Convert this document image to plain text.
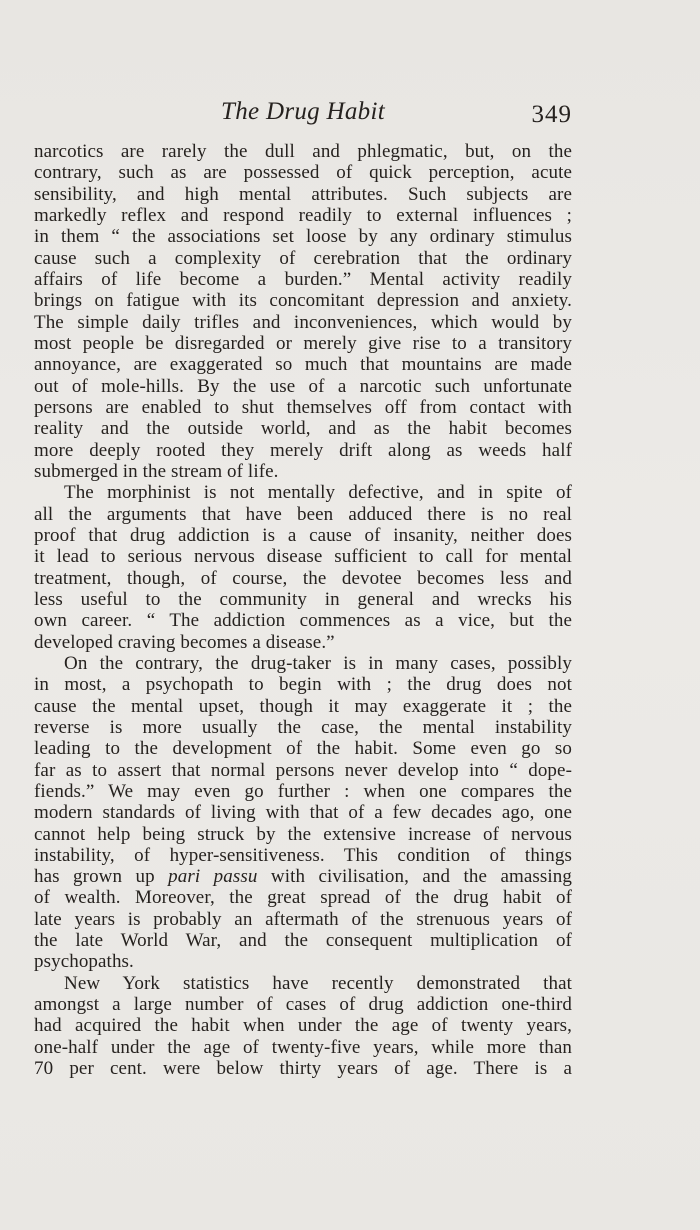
The Drug Habit	349
narcotics are rarely the dull and phlegmatic, but, on the
contrary, such as are possessed of quick perception, acute
sensibility, and high mental attributes. Such subjects are
markedly reflex and respond readily to external influences ;
in them “ the associations set loose by any ordinary stimulus
cause such a complexity of cerebration that the ordinary
affairs of life become a burden.” Mental activity readily
brings on fatigue with its concomitant depression and anxiety.
The simple daily trifles and inconveniences, which would by
most people be disregarded or merely give rise to a transitory
annoyance, are exaggerated so much that mountains are made
out of mole-hills. By the use of a narcotic such unfortunate
persons are enabled to shut themselves off from contact with
reality and the outside world, and as the habit becomes
more deeply rooted they merely drift along as weeds half
submerged in the stream of life.
The morphinist is not mentally defective, and in spite of
all the arguments that have been adduced there is no real
proof that drug addiction is a cause of insanity, neither does
it lead to serious nervous disease sufficient to call for mental
treatment, though, of course, the devotee becomes less and
less useful to the community in general and wrecks his
own career. “ The addiction commences as a vice, but the
developed craving becomes a disease.”
On the contrary, the drug-taker is in many cases, possibly
in most, a psychopath to begin with ; the drug does not
cause the mental upset, though it may exaggerate it ; the
reverse is more usually the case, the mental instability
leading to the development of the habit. Some even go so
far as to assert that normal persons never develop into “ dope-
fiends.” We may even go further : when one compares the
modern standards of living with that of a few decades ago, one
cannot help being struck by the extensive increase of nervous
instability, of hyper-sensitiveness. This condition of things
has grown up pari passu with civilisation, and the amassing
of wealth. Moreover, the great spread of the drug habit of
late years is probably an aftermath of the strenuous years of
the late World War, and the consequent multiplication of
psychopaths.
New York statistics have recently demonstrated that
amongst a large number of cases of drug addiction one-third
had acquired the habit when under the age of twenty years,
one-half under the age of twenty-five years, while more than
70 per cent. were below thirty years of age. There is a
